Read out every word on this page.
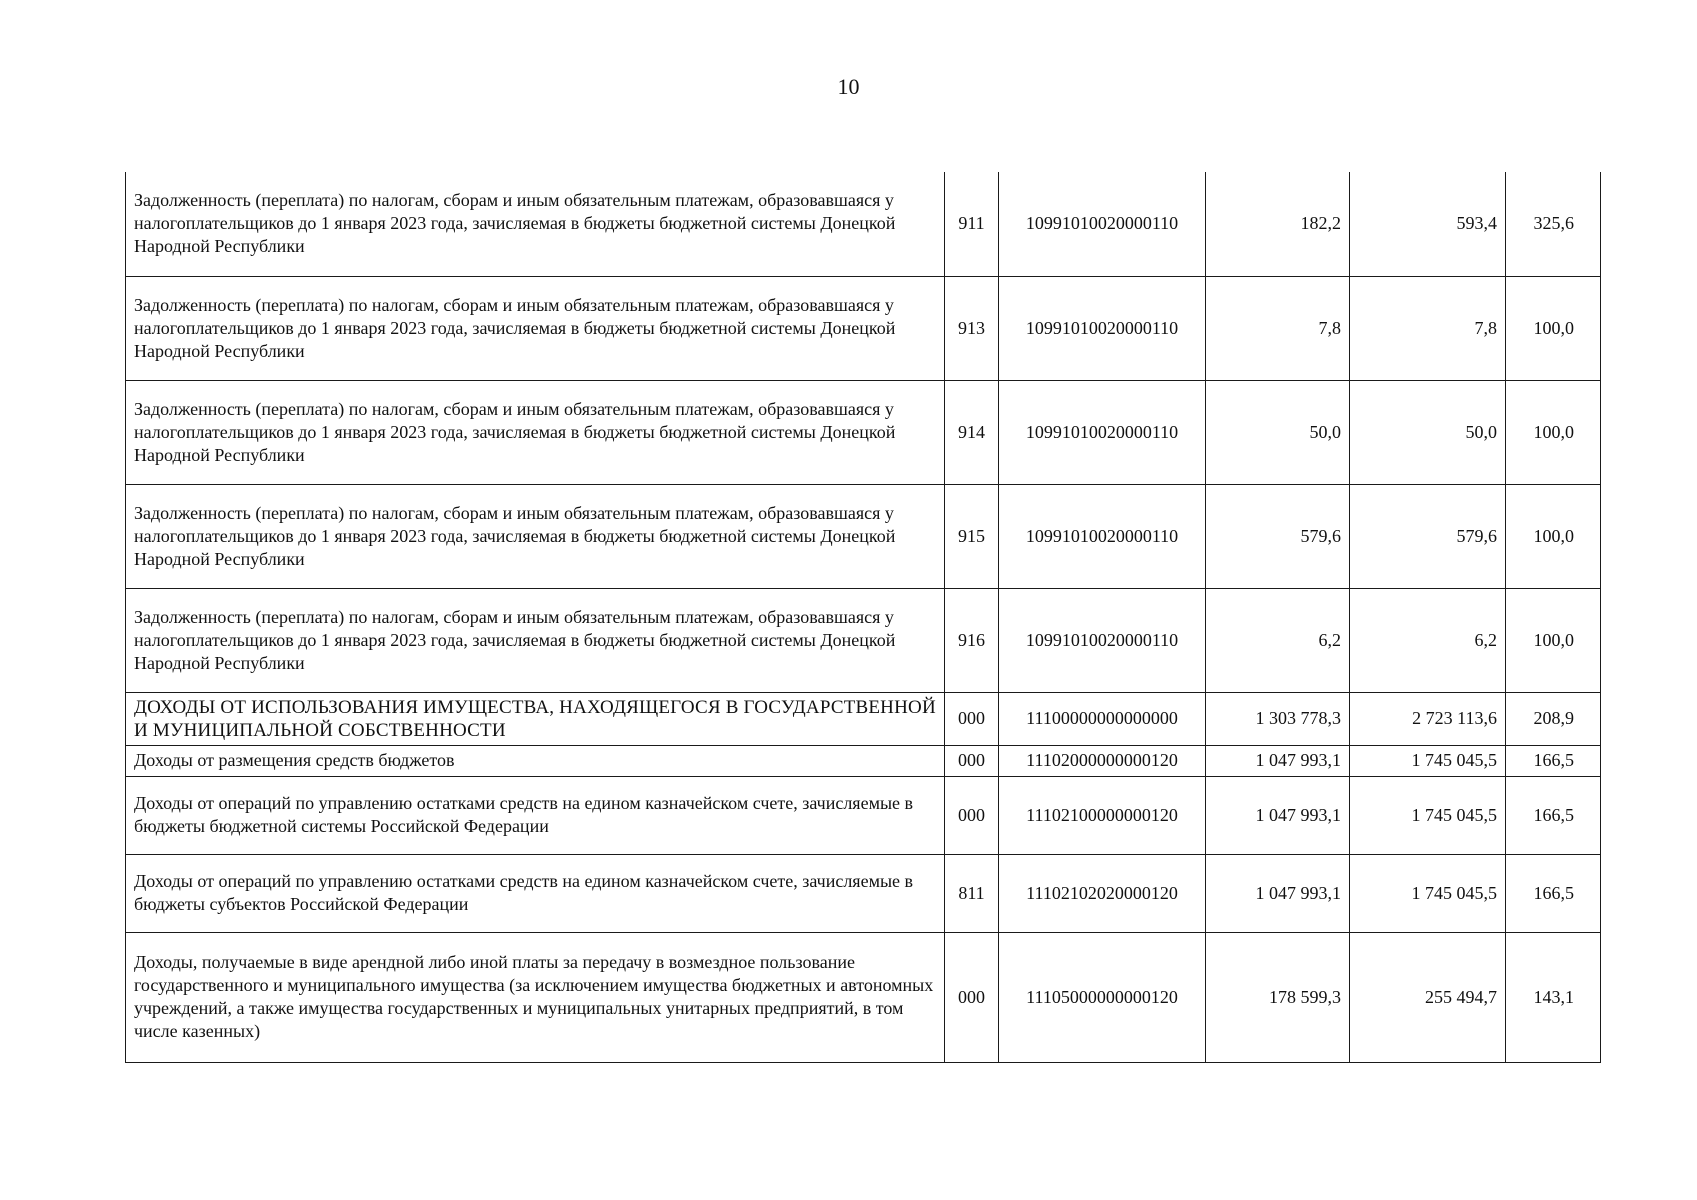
10
Задолженность (переплата) по налогам, сборам и иным обязательным платежам, образовавшаяся у налогоплательщиков до 1 января 2023 года, зачисляемая в бюджеты бюджетной системы Донецкой Народной Республики	911	10991010020000110	182,2	593,4	325,6
Задолженность (переплата) по налогам, сборам и иным обязательным платежам, образовавшаяся у налогоплательщиков до 1 января 2023 года, зачисляемая в бюджеты бюджетной системы Донецкой Народной Республики	913	10991010020000110	7,8	7,8	100,0
Задолженность (переплата) по налогам, сборам и иным обязательным платежам, образовавшаяся у налогоплательщиков до 1 января 2023 года, зачисляемая в бюджеты бюджетной системы Донецкой Народной Республики	914	10991010020000110	50,0	50,0	100,0
Задолженность (переплата) по налогам, сборам и иным обязательным платежам, образовавшаяся у налогоплательщиков до 1 января 2023 года, зачисляемая в бюджеты бюджетной системы Донецкой Народной Республики	915	10991010020000110	579,6	579,6	100,0
Задолженность (переплата) по налогам, сборам и иным обязательным платежам, образовавшаяся у налогоплательщиков до 1 января 2023 года, зачисляемая в бюджеты бюджетной системы Донецкой Народной Республики	916	10991010020000110	6,2	6,2	100,0
ДОХОДЫ ОТ ИСПОЛЬЗОВАНИЯ ИМУЩЕСТВА, НАХОДЯЩЕГОСЯ В ГОСУДАРСТВЕННОЙ И МУНИЦИПАЛЬНОЙ СОБСТВЕННОСТИ	000	11100000000000000	1 303 778,3	2 723 113,6	208,9
Доходы от размещения средств бюджетов	000	11102000000000120	1 047 993,1	1 745 045,5	166,5
Доходы от операций по управлению остатками средств на едином казначейском счете, зачисляемые в бюджеты бюджетной системы Российской Федерации	000	11102100000000120	1 047 993,1	1 745 045,5	166,5
Доходы от операций по управлению остатками средств на едином казначейском счете, зачисляемые в бюджеты субъектов Российской Федерации	811	11102102020000120	1 047 993,1	1 745 045,5	166,5
Доходы, получаемые в виде арендной либо иной платы за передачу в возмездное пользование государственного и муниципального имущества (за исключением имущества бюджетных и автономных учреждений, а также имущества государственных и муниципальных унитарных предприятий, в том числе казенных)	000	11105000000000120	178 599,3	255 494,7	143,1
